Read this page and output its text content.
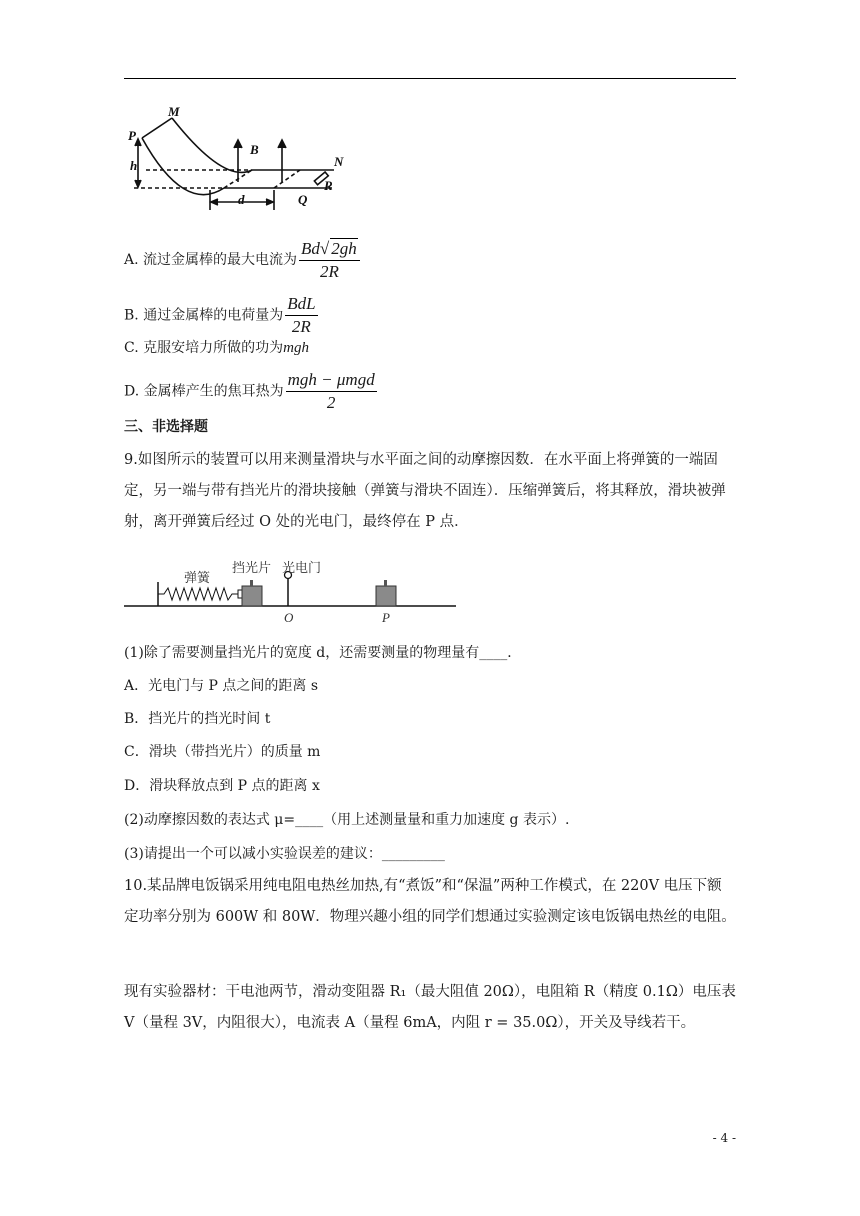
P
M
B
N
h
d	Q
R
A. 流过金属棒的最大电流为 $\frac{Bd√ 2gh}{2R}$
B. 通过金属棒的电荷量为 $\frac{\text{BdL}}{2R}$
C. 克服安培力所做的功为mgh
D. 金属棒产生的焦耳热为 $\frac{\text{mgh − μmgd}}{2}$
三、非选择题
9.如图所示的装置可以用来测量滑块与水平面之间的动摩擦因数．在水平面上将弹簧的一端固定，另一端与带有挡光片的滑块接触（弹簧与滑块不固连）．压缩弹簧后，将其释放，滑块被弹射，离开弹簧后经过 O 处的光电门，最终停在 P 点．
弹簧
挡光片 光电门
O	P
(1)除了需要测量挡光片的宽度 d，还需要测量的物理量有____．
A．光电门与 P 点之间的距离 s
B．挡光片的挡光时间 t
C．滑块（带挡光片）的质量 m
D．滑块释放点到 P 点的距离 x
(2)动摩擦因数的表达式 μ=____（用上述测量量和重力加速度 g 表示）.
(3)请提出一个可以减小实验误差的建议：_________
10.某品牌电饭锅采用纯电阻电热丝加热,有“煮饭”和“保温”两种工作模式，在 220V 电压下额定功率分别为 600W 和 80W．物理兴趣小组的同学们想通过实验测定该电饭锅电热丝的电阻。
现有实验器材：干电池两节，滑动变阻器 R₁（最大阻值 20Ω），电阻箱 R（精度 0.1Ω）电压表 V（量程 3V，内阻很大），电流表 A（量程 6mA，内阻 r = 35.0Ω），开关及导线若干。
- 4 -
